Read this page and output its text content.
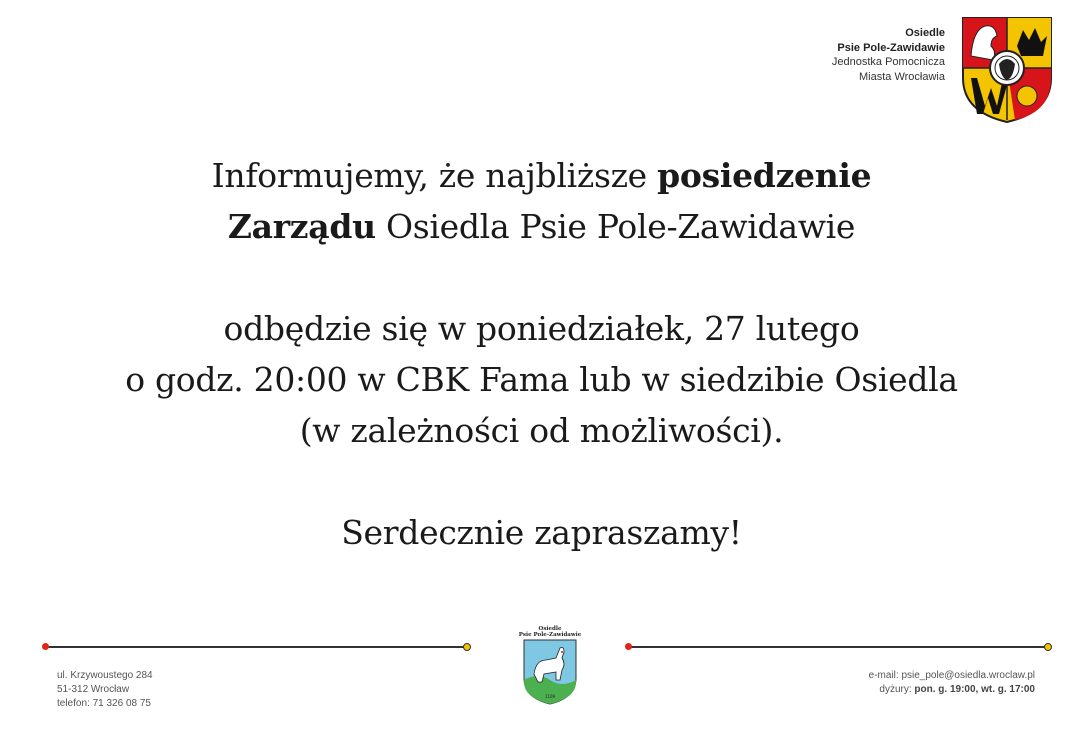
Osiedle
Psie Pole-Zawidawie
Jednostka Pomocnicza
Miasta Wrocławia
Informujemy, że najbliższe posiedzenie
Zarządu Osiedla Psie Pole-Zawidawie
odbędzie się w poniedziałek, 27 lutego
o godz. 20:00 w CBK Fama lub w siedzibie Osiedla
(w zależności od możliwości).
Serdecznie zapraszamy!
ul. Krzywoustego 284
51-312 Wrocław
telefon: 71 326 08 75
Osiedle
Psie Pole-Zawidawie
1109
e-mail: psie_pole@osiedla.wroclaw.pl
dyżury: pon. g. 19:00, wt. g. 17:00
